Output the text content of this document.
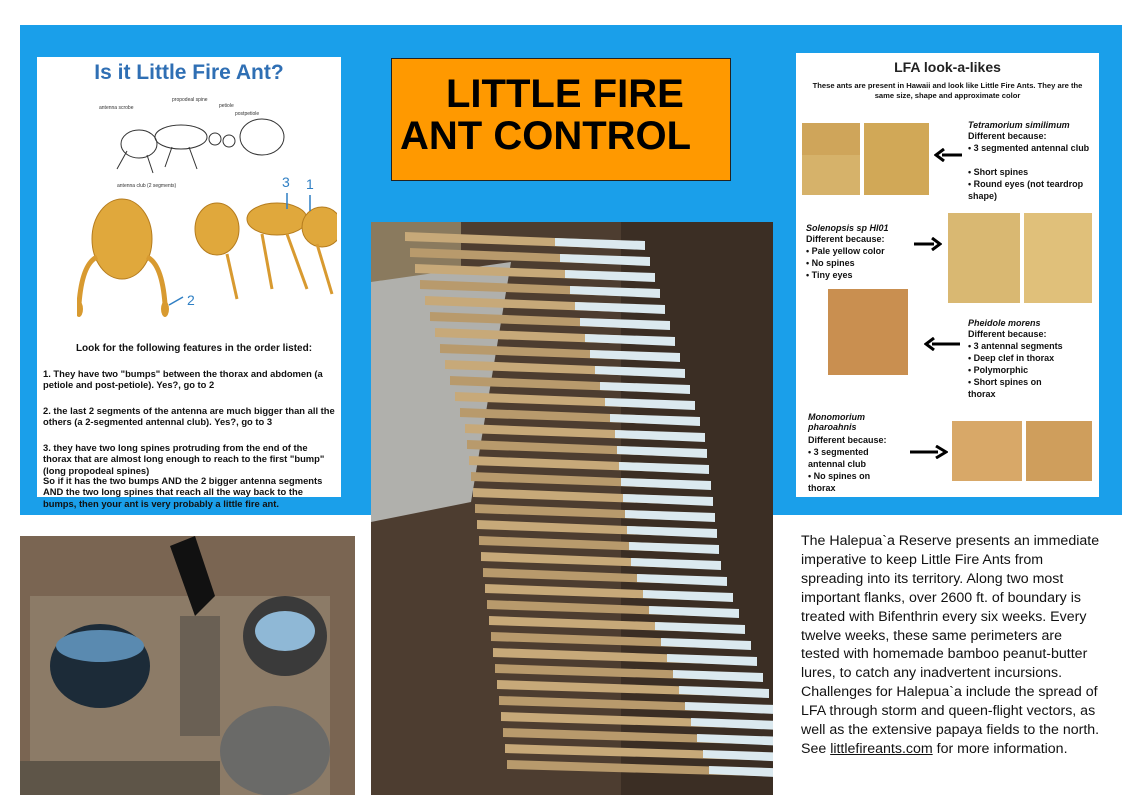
Is it Little Fire Ant?
antenna scrobe
propodeal spine
petiole
postpetiole
antenna club (2 segments)	3 1
2
Look for the following features in the order listed:
1. They have two "bumps" between the thorax and abdomen (a petiole and post-petiole). Yes?, go to 2
2. the last 2 segments of the antenna are much bigger than all the others (a 2-segmented antennal club). Yes?, go to 3
3. they have two long spines protruding from the end of the thorax that are almost long enough to reach to the first "bump" (long propodeal spines)
So if it has the two bumps AND the 2 bigger antenna segments AND the two long spines that reach all the way back to the bumps, then your ant is very probably a little fire ant.
LITTLE FIRE
ANT CONTROL
LFA look-a-likes
These ants are present in Hawaii and look like Little Fire Ants. They are the same size, shape and approximate color
Tetramorium similimum
Different because:
• 3 segmented antennal club
• Short spines
• Round eyes (not teardrop shape)
Solenopsis sp HI01
Different because:
• Pale yellow color
• No spines
• Tiny eyes
Pheidole morens
Different because:
• 3 antennal segments
• Deep clef in thorax
• Polymorphic
• Short spines on thorax
Monomorium pharoahnis
Different because:
• 3 segmented antennal club
• No spines on thorax
The Halepua`a Reserve presents an immediate imperative to keep Little Fire Ants from spreading into its territory. Along two most important flanks, over 2600 ft. of boundary is treated with Bifenthrin every six weeks. Every twelve weeks, these same perimeters are tested with homemade bamboo peanut-butter lures, to catch any inadvertent incursions. Challenges for Halepua`a include the spread of LFA through storm and queen-flight vectors, as well as the extensive papaya fields to the north. See littlefireants.com for more information.
